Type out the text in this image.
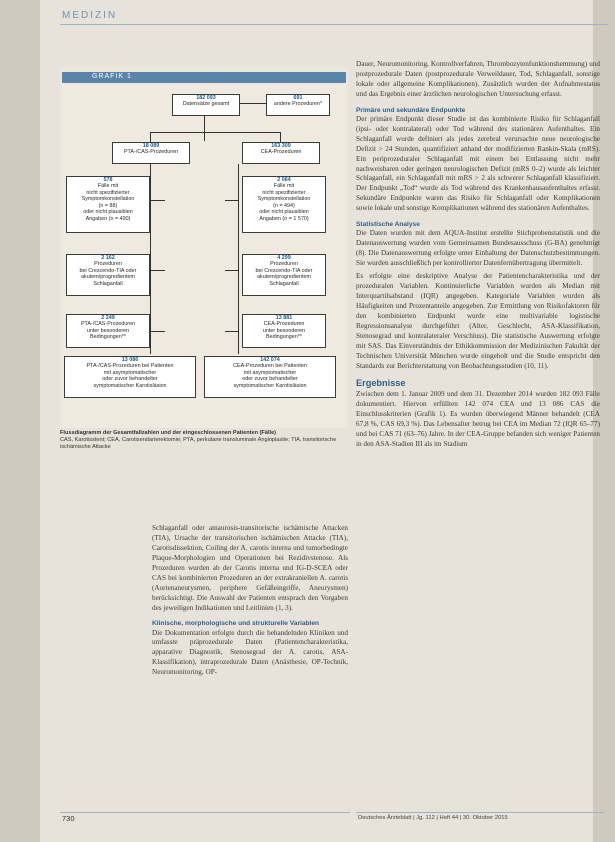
MEDIZIN
GRAFIK 1
182 093
Datensätze gesamt
691
andere Prozeduren*
18 089
PTA-/CAS-Prozeduren
163 309
CEA-Prozeduren
578
Fälle mit
nicht spezifizierter
Symptomkonstellation
(n = 88)
oder nicht plausiblen
Angaben (n = 490)
2 064
Fälle mit
nicht spezifizierter
Symptomkonstellation
(n = 494)
oder nicht plausiblen
Angaben (n = 1 570)
2 162
Prozeduren
bei Crescendo-TIA oder
akutem/progredientem
Schlaganfall
4 299
Prozeduren
bei Crescendo-TIA oder
akutem/progredientem
Schlaganfall
2 249
PTA-/CAS-Prozeduren
unter besonderen
Bedingungen**
13 881
CEA-Prozeduren
unter besonderen
Bedingungen**
13 086
PTA-/CAS-Prozeduren bei Patienten
mit asymptomatischer
oder zuvor behandelter
symptomatischer Karotisläsion
142 074
CEA-Prozeduren bei Patienten
mit asymptomatischer
oder zuvor behandelter
symptomatischer Karotisläsion
Flussdiagramm der Gesamtfallzahlen und der eingeschlossenen Patienten (Fälle)
CAS, Karotisstent; CEA, Carotisendarterektomie; PTA, perkutane transluminale Angioplastie; TIA, transitorische ischämische Attacke

Schlaganfall oder amaurosis-transitorische ischämische Attacken (TIA), Ursache der transitorischen ischämischen Attacke (TIA), Carotisdissektion, Coiling der A. carotis interna und tumorbedingte Plaque-Morphologien und Operationen bei Rezidivstenose. Als Prozeduren wurden ab der Carotis interna und IG-D-SCEA oder CAS bei kombinierten Prozeduren an der extrakraniellen A. carotis (Aortenaneurysmen, periphere Gefäßeingriffe, Aneurysmen) berücksichtigt. Die Auswahl der Patienten entsprach den Vorgaben des jeweiligen Indikationen und Leitlinien (1, 3).

Klinische, morphologische und strukturelle Variablen

Die Dokumentation erfolgte durch die behandelnden Kliniken und umfasste präprozedurale Daten (Patientencharakteristika, apparative Diagnostik, Stenosegrad der A. carotis, ASA-Klassifikation), intraprozedurale Daten (Anästhesie, OP-Technik, Neuromonitoring, OP-

Dauer, Neuromonitoring, Kontrollverfahren, Thrombozytenfunktionshemmung) und postprozedurale Daten (postprozedurale Verweildauer, Tod, Schlaganfall, sonstige lokale oder allgemeine Komplikationen). Zusätzlich wurden der Aufnahmestatus und das Ergebnis einer ärztlichen neurologischen Untersuchung erfasst.

Primäre und sekundäre Endpunkte

Der primäre Endpunkt dieser Studie ist das kombinierte Risiko für Schlaganfall (ipsi- oder kontralateral) oder Tod während des stationären Aufenthaltes. Ein Schlaganfall wurde definiert als jedes zerebral verursachte neue neurologische Defizit > 24 Stunden, quantifiziert anhand der modifizierten Rankin-Skala (mRS). Ein periprozeduraler Schlaganfall mit einem bei Entlassung nicht mehr nachweisbaren oder geringen neurologischen Defizit (mRS 0–2) wurde als leichter Schlaganfall, ein Schlaganfall mit mRS > 2 als schwerer Schlaganfall klassifiziert. Der Endpunkt „Tod“ wurde als Tod während des Krankenhausaufenthaltes erfasst. Sekundäre Endpunkte waren das Risiko für Schlaganfall oder Komplikationen sowie lokale und sonstige Komplikationen während des stationären Aufenthaltes.

Statistische Analyse

Die Daten wurden mit dem AQUA-Institut erstellte Stichprobenstatistik und die Datenauswertung wurden vom Gemeinsamen Bundesausschuss (G-BA) genehmigt (8). Die Datenauswertung erfolgte unter Einhaltung der Datenschutzbestimmungen. Sie wurden ausschließlich per kontrollierter Datenfernübertragung übermittelt.

Es erfolgte eine deskriptive Analyse der Patientencharakteristika und der prozeduralen Variablen. Kontinuierliche Variablen wurden als Median mit Interquartilsabstand (IQR) angegeben. Kategoriale Variablen wurden als Häufigkeiten und Prozentanteile angegeben. Zur Ermittlung von Risikofaktoren für den kombinierten Endpunkt wurde eine multivariable logistische Regressionsanalyse durchgeführt (Alter, Geschlecht, ASA-Klassifikation, Stenosegrad und kontralateraler Verschluss). Die statistische Auswertung erfolgte mit SAS. Das Einverständnis der Ethikkommission der Medizinischen Fakultät der Technischen Universität München wurde eingeholt und die Studie entspricht den Standards zur Berichterstattung von Beobachtungsstudien (10, 11).

Ergebnisse

Zwischen dem 1. Januar 2009 und dem 31. Dezember 2014 wurden 182 093 Fälle dokumentiert. Hiervon erfüllten 142 074 CEA und 13 086 CAS die Einschlusskriterien (Grafik 1). Es wurden überwiegend Männer behandelt (CEA 67,8 %, CAS 69,3 %). Das Lebensalter betrug bei CEA im Median 72 (IQR 65–77) und bei CAS 71 (63–76) Jahre. In der CEA-Gruppe befanden sich weniger Patienten in den ASA-Stadien III als im Stadium

730	Deutsches Ärzteblatt | Jg. 112 | Heft 44 | 30. Oktober 2015
